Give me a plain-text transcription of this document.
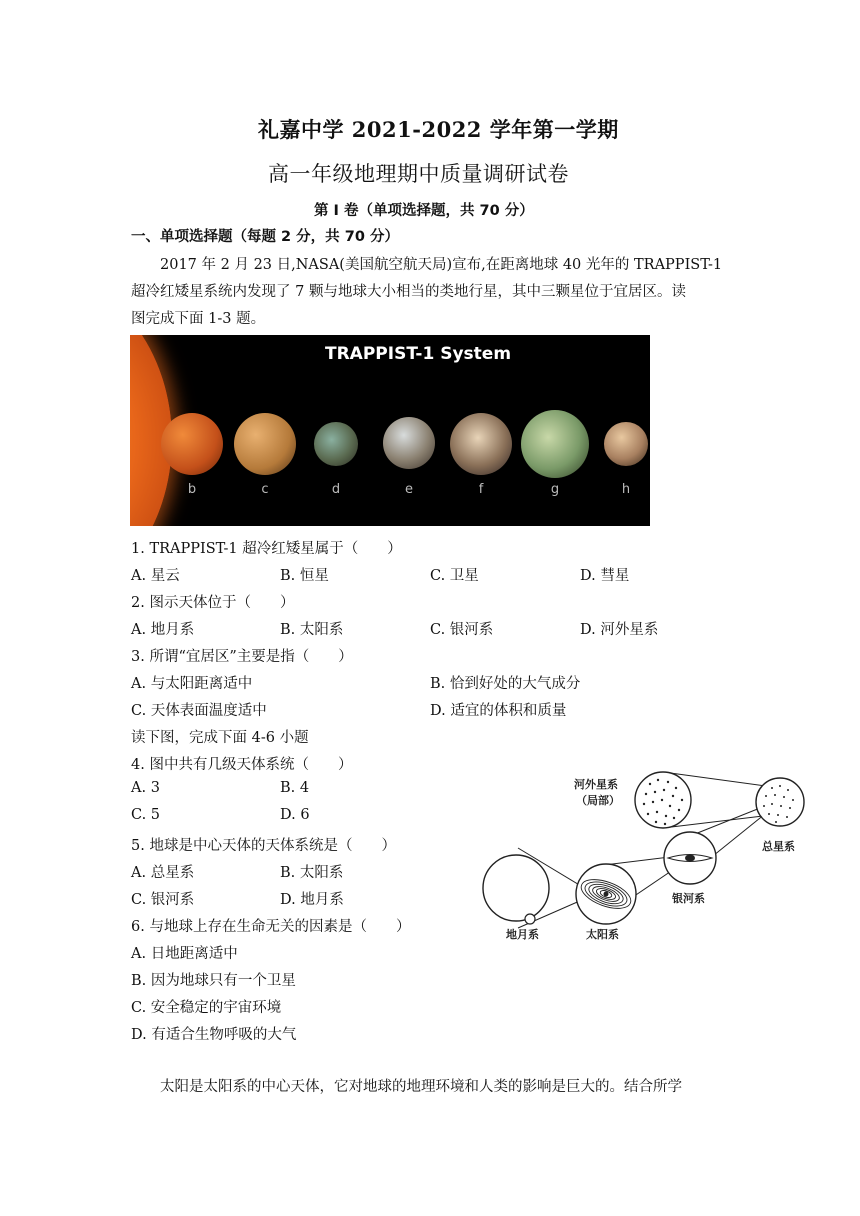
礼嘉中学 2021-2022 学年第一学期
高一年级地理期中质量调研试卷
第 I 卷（单项选择题，共 70 分）
一、单项选择题（每题 2 分，共 70 分）
2017 年 2 月 23 日,NASA(美国航空航天局)宣布,在距离地球 40 光年的 TRAPPIST-1
超冷红矮星系统内发现了 7 颗与地球大小相当的类地行星，其中三颗星位于宜居区。读
图完成下面 1-3 题。
TRAPPIST-1 System
b	c	d	e	f	g	h
1. TRAPPIST-1 超冷红矮星属于（　　）
A. 星云	B. 恒星	C. 卫星	D. 彗星
2. 图示天体位于（　　）
A. 地月系	B. 太阳系	C. 银河系	D. 河外星系
3. 所谓“宜居区”主要是指（　　）
A. 与太阳距离适中	B. 恰到好处的大气成分
C. 天体表面温度适中	D. 适宜的体积和质量
读下图，完成下面 4-6 小题
4. 图中共有几级天体系统（　　）
A. 3	B. 4
C. 5	D. 6
5. 地球是中心天体的天体系统是（　　）
A. 总星系	B. 太阳系
C. 银河系	D. 地月系
6. 与地球上存在生命无关的因素是（　　）
A. 日地距离适中
B. 因为地球只有一个卫星
C. 安全稳定的宇宙环境
D. 有适合生物呼吸的大气
河外星系
（局部）
总星系
银河系
太阳系
地月系
太阳是太阳系的中心天体，它对地球的地理环境和人类的影响是巨大的。结合所学
